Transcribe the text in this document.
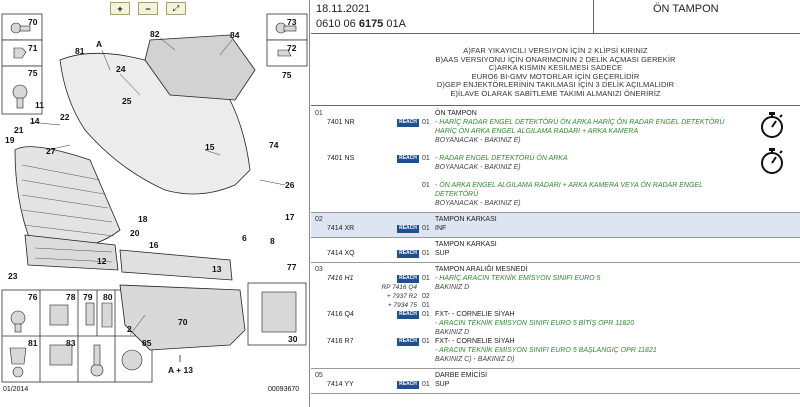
70
71
75
73
72
81
A
82	84
75
24
25
14 22
11
21
19
27
26
15
17
16
20
18
23
12
13
6	8
77
74
70
2
A + 13
76	78 79 80
81	83	85	30
+	−	⤢
01/2014	00093670
18.11.2021
0610 06 6175 01A
ÖN TAMPON
A)FAR YIKAYICILI VERSIYON İÇİN 2 KLİPSİ KIRINIZ
B)AAS VERSIYONU İÇİN ONARIMCININ 2 DELİK AÇMASI GEREKİR
C)ARKA KISMIN KESİLMESİ SADECE
EURO6 BI-GMV MOTORLAR İÇİN GEÇERLİDİR
D)GEP ENJEKTÖRLERİNİN TAKILMASI İÇİN 3 DELİK AÇILMALIDIR
E)İLAVE OLARAK SABİTLEME TAKIMI ALMANIZI ÖNERİRİZ
01	ÖN TAMPON
7401 NR	REACH 01 - HARİÇ RADAR ENGEL DETEKTÖRÜ ÖN ARKA HARİÇ ÖN RADAR ENGEL DETEKTÖRÜ
HARİÇ ÖN ARKA ENGEL ALGILAMA RADARI + ARKA KAMERA
BOYANACAK - BAKINIZ E)
7401 NS	REACH 01 - RADAR ENGEL DETEKTÖRÜ ÖN ARKA
BOYANACAK - BAKINIZ E)
01 - ÖN ARKA ENGEL ALGILAMA RADARI + ARKA KAMERA VEYA ÖN RADAR ENGEL
DETEKTÖRÜ
BOYANACAK - BAKINIZ E)
02	TAMPON KARKASI
7414 XR	REACH 01 INF
TAMPON KARKASI
7414 XQ	REACH 01 SUP
03	TAMPON ARALIĞI MESNEDİ
7416 H1	REACH 01 - HARİÇ ARACIN TEKNİK EMİSYON SINIFI EURO 5
RP 7416 Q4	BAKINIZ D
+ 7937 R2 02
+ 7934 75 01
7416 Q4	REACH 01 FXT- - CORNELIE SİYAH
- ARACIN TEKNİK EMİSYON SINIFI EURO 5 BİTİŞ OPR 11820
BAKINIZ D
7416 R7	REACH 01 FXT- - CORNELIE SİYAH
- ARACIN TEKNİK EMİSYON SINIFI EURO 5 BAŞLANGIÇ OPR 11821
BAKINIZ C) - BAKINIZ D)
05	DARBE EMİCİSİ
7414 YY	REACH 01 SUP
